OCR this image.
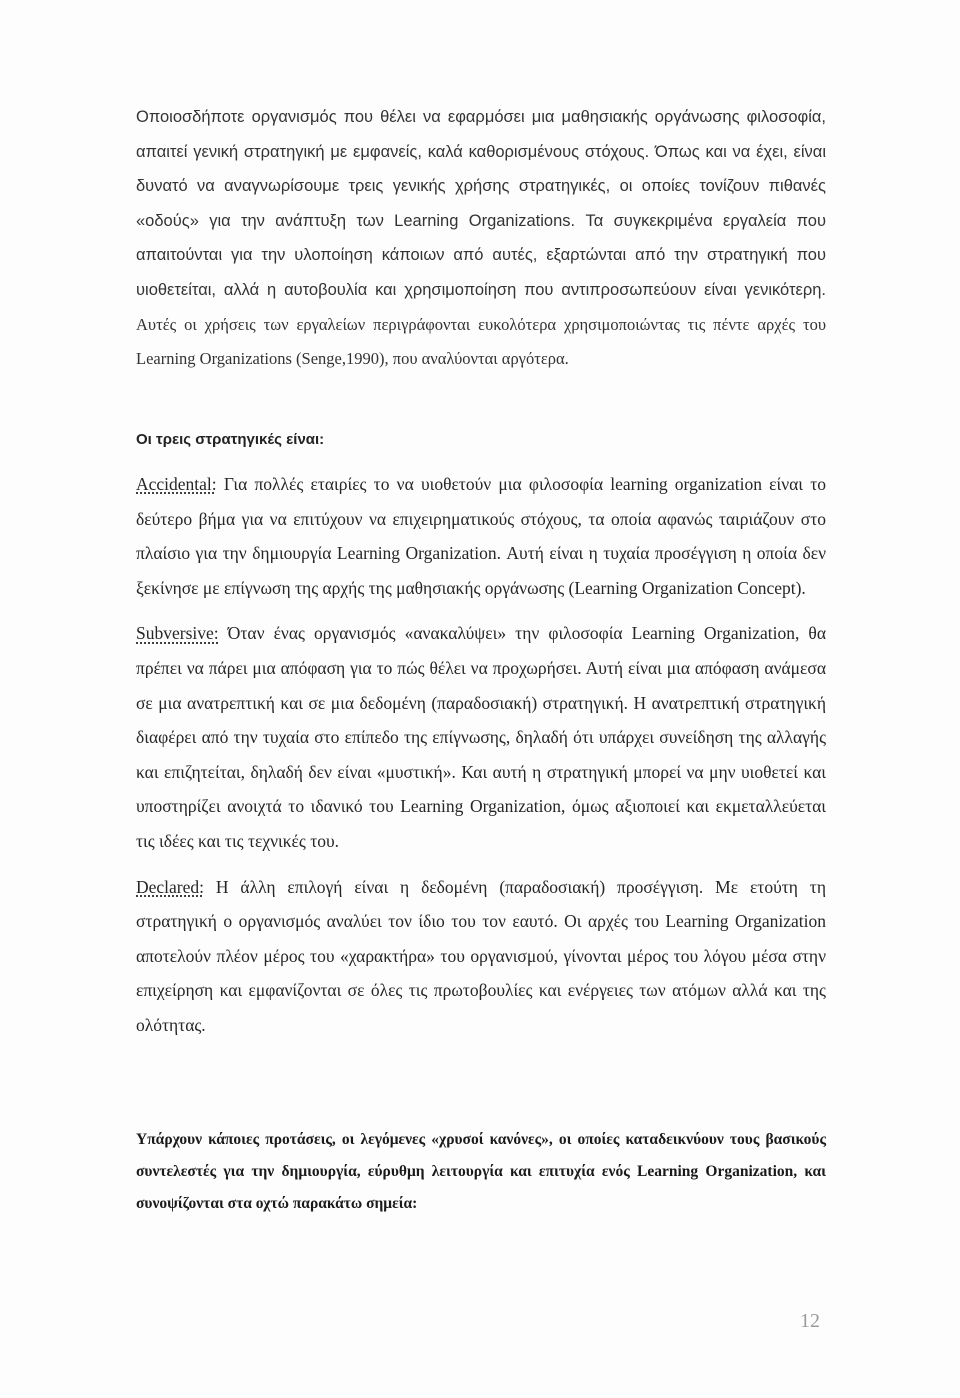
Οποιοσδήποτε οργανισμός που θέλει να εφαρμόσει μια μαθησιακής οργάνωσης φιλοσοφία, απαιτεί γενική στρατηγική με εμφανείς, καλά καθορισμένους στόχους. Όπως και να έχει, είναι δυνατό να αναγνωρίσουμε τρεις γενικής χρήσης στρατηγικές, οι οποίες τονίζουν πιθανές «οδούς» για την ανάπτυξη των Learning Organizations. Τα συγκεκριμένα εργαλεία που απαιτούνται για την υλοποίηση κάποιων από αυτές, εξαρτώνται από την στρατηγική που υιοθετείται, αλλά η αυτοβουλία και χρησιμοποίηση που αντιπροσωπεύουν είναι γενικότερη. Αυτές οι χρήσεις των εργαλείων περιγράφονται ευκολότερα χρησιμοποιώντας τις πέντε αρχές του Learning Organizations (Senge,1990), που αναλύονται αργότερα.

Οι τρεις στρατηγικές είναι:

Accidental: Για πολλές εταιρίες το να υιοθετούν μια φιλοσοφία learning organization είναι το δεύτερο βήμα για να επιτύχουν να επιχειρηματικούς στόχους, τα οποία αφανώς ταιριάζουν στο πλαίσιο για την δημιουργία Learning Organization. Αυτή είναι η τυχαία προσέγγιση η οποία δεν ξεκίνησε με επίγνωση της αρχής της μαθησιακής οργάνωσης (Learning Organization Concept).

Subversive: Όταν ένας οργανισμός «ανακαλύψει» την φιλοσοφία Learning Organization, θα πρέπει να πάρει μια απόφαση για το πώς θέλει να προχωρήσει. Αυτή είναι μια απόφαση ανάμεσα σε μια ανατρεπτική και σε μια δεδομένη (παραδοσιακή) στρατηγική. Η ανατρεπτική στρατηγική διαφέρει από την τυχαία στο επίπεδο της επίγνωσης, δηλαδή ότι υπάρχει συνείδηση της αλλαγής και επιζητείται, δηλαδή δεν είναι «μυστική». Και αυτή η στρατηγική μπορεί να μην υιοθετεί και υποστηρίζει ανοιχτά το ιδανικό του Learning Organization, όμως αξιοποιεί και εκμεταλλεύεται τις ιδέες και τις τεχνικές του.

Declared: Η άλλη επιλογή είναι η δεδομένη (παραδοσιακή) προσέγγιση. Με ετούτη τη στρατηγική ο οργανισμός αναλύει τον ίδιο του τον εαυτό. Οι αρχές του Learning Organization αποτελούν πλέον μέρος του «χαρακτήρα» του οργανισμού, γίνονται μέρος του λόγου μέσα στην επιχείρηση και εμφανίζονται σε όλες τις πρωτοβουλίες και ενέργειες των ατόμων αλλά και της ολότητας.

Υπάρχουν κάποιες προτάσεις, οι λεγόμενες «χρυσοί κανόνες», οι οποίες καταδεικνύουν τους βασικούς συντελεστές για την δημιουργία, εύρυθμη λειτουργία και επιτυχία ενός Learning Organization, και συνοψίζονται στα οχτώ παρακάτω σημεία:

12
